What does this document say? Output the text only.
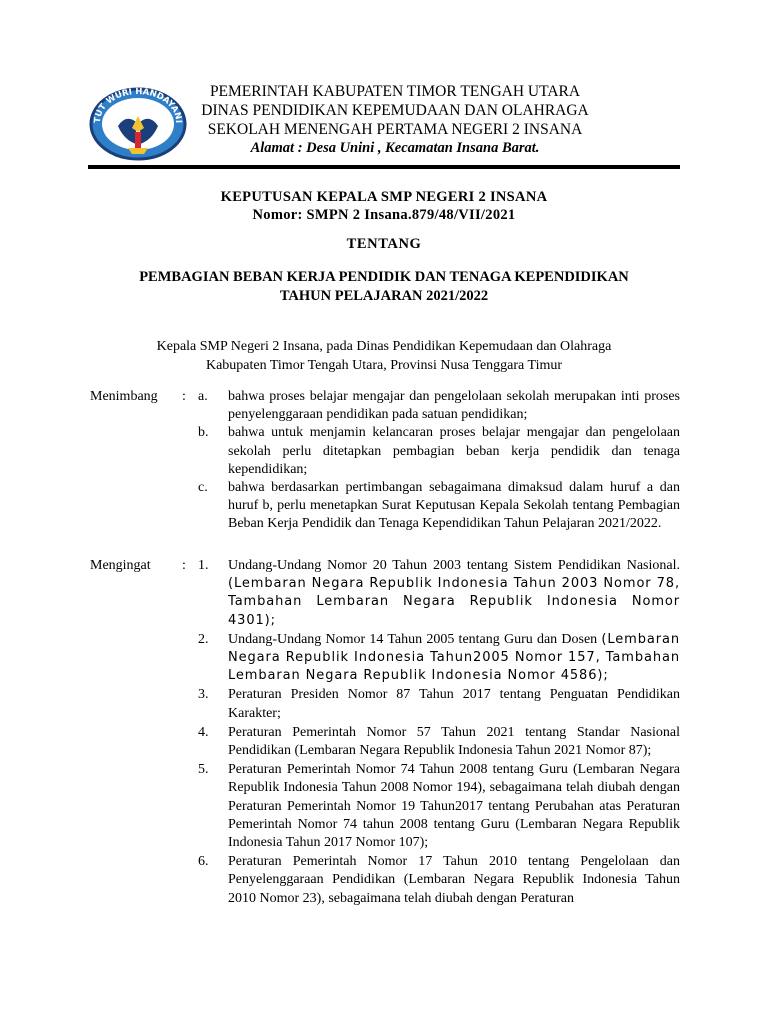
TUT WURI HANDAYANI
PEMERINTAH KABUPATEN TIMOR TENGAH UTARA
DINAS PENDIDIKAN KEPEMUDAAN DAN OLAHRAGA
SEKOLAH MENENGAH PERTAMA NEGERI 2 INSANA
Alamat : Desa Unini , Kecamatan Insana Barat.
KEPUTUSAN KEPALA SMP NEGERI 2 INSANA
Nomor: SMPN 2 Insana.879/48/VII/2021
TENTANG
PEMBAGIAN BEBAN KERJA PENDIDIK DAN TENAGA KEPENDIDIKAN
TAHUN PELAJARAN 2021/2022
Kepala SMP Negeri 2 Insana, pada Dinas Pendidikan Kepemudaan dan Olahraga
Kabupaten Timor Tengah Utara, Provinsi Nusa Tenggara Timur
Menimbang	: a.	bahwa proses belajar mengajar dan pengelolaan sekolah merupakan inti proses penyelenggaraan pendidikan pada satuan pendidikan;
b.	bahwa untuk menjamin kelancaran proses belajar mengajar dan pengelolaan sekolah perlu ditetapkan pembagian beban kerja pendidik dan tenaga kependidikan;
c.	bahwa berdasarkan pertimbangan sebagaimana dimaksud dalam huruf a dan huruf b, perlu menetapkan Surat Keputusan Kepala Sekolah tentang Pembagian Beban Kerja Pendidik dan Tenaga Kependidikan Tahun Pelajaran 2021/2022.
Mengingat	: 1.	Undang-Undang Nomor 20 Tahun 2003 tentang Sistem Pendidikan Nasional. (Lembaran Negara Republik Indonesia Tahun 2003 Nomor 78, Tambahan Lembaran Negara Republik Indonesia Nomor 4301);
2.	Undang-Undang Nomor 14 Tahun 2005 tentang Guru dan Dosen (Lembaran Negara Republik Indonesia Tahun2005 Nomor 157, Tambahan Lembaran Negara Republik Indonesia Nomor 4586);
3.	Peraturan Presiden Nomor 87 Tahun 2017 tentang Penguatan Pendidikan Karakter;
4.	Peraturan Pemerintah Nomor 57 Tahun 2021 tentang Standar Nasional Pendidikan (Lembaran Negara Republik Indonesia Tahun 2021 Nomor 87);
5.	Peraturan Pemerintah Nomor 74 Tahun 2008 tentang Guru (Lembaran Negara Republik Indonesia Tahun 2008 Nomor 194), sebagaimana telah diubah dengan Peraturan Pemerintah Nomor 19 Tahun2017 tentang Perubahan atas Peraturan Pemerintah Nomor 74 tahun 2008 tentang Guru (Lembaran Negara Republik Indonesia Tahun 2017 Nomor 107);
6.	Peraturan Pemerintah Nomor 17 Tahun 2010 tentang Pengelolaan dan Penyelenggaraan Pendidikan (Lembaran Negara Republik Indonesia Tahun 2010 Nomor 23), sebagaimana telah diubah dengan Peraturan
